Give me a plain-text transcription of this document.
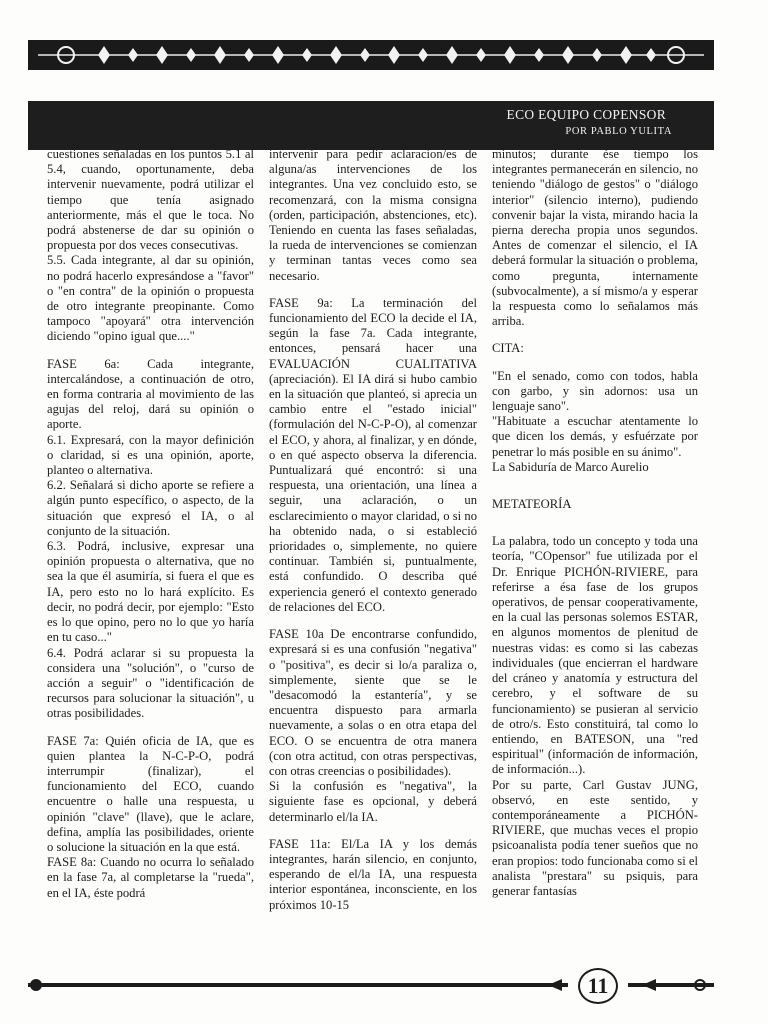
ECO EQUIPO COPENSOR
POR PABLO YULITA

cuestiones señaladas en los puntos 5.1 al 5.4, cuando, oportunamente, deba intervenir nuevamente, podrá utilizar el tiempo que tenía asignado anteriormente, más el que le toca. No podrá abstenerse de dar su opinión o propuesta por dos veces consecutivas.

5.5. Cada integrante, al dar su opinión, no podrá hacerlo expresándose a "favor" o "en contra" de la opinión o propuesta de otro integrante preopinante. Como tampoco "apoyará" otra intervención diciendo "opino igual que...."

FASE 6a: Cada integrante, intercalándose, a continuación de otro, en forma contraria al movimiento de las agujas del reloj, dará su opinión o aporte.

6.1. Expresará, con la mayor definición o claridad, si es una opinión, aporte, planteo o alternativa.

6.2. Señalará si dicho aporte se refiere a algún punto específico, o aspecto, de la situación que expresó el IA, o al conjunto de la situación.

6.3. Podrá, inclusive, expresar una opinión propuesta o alternativa, que no sea la que él asumiría, si fuera el que es IA, pero esto no lo hará explícito. Es decir, no podrá decir, por ejemplo: "Esto es lo que opino, pero no lo que yo haría en tu caso..."

6.4. Podrá aclarar si su propuesta la considera una "solución", o "curso de acción a seguir" o "identificación de recursos para solucionar la situación", u otras posibilidades.

FASE 7a: Quién oficia de IA, que es quien plantea la N-C-P-O, podrá interrumpir (finalizar), el funcionamiento del ECO, cuando encuentre o halle una respuesta, u opinión "clave" (llave), que le aclare, defina, amplía las posibilidades, oriente o solucione la situación en la que está.

FASE 8a: Cuando no ocurra lo señalado en la fase 7a, al completarse la "rueda", en el IA, éste podrá

intervenir para pedir aclaracion/es de alguna/as intervenciones de los integrantes. Una vez concluido esto, se recomenzará, con la misma consigna (orden, participación, abstenciones, etc). Teniendo en cuenta las fases señaladas, la rueda de intervenciones se comienzan y terminan tantas veces como sea necesario.

FASE 9a: La terminación del funcionamiento del ECO la decide el IA, según la fase 7a. Cada integrante, entonces, pensará hacer una EVALUACIÓN CUALITATIVA (apreciación). El IA dirá si hubo cambio en la situación que planteó, si aprecia un cambio entre el "estado inicial" (formulación del N-C-P-O), al comenzar el ECO, y ahora, al finalizar, y en dónde, o en qué aspecto observa la diferencia. Puntualizará qué encontró: si una respuesta, una orientación, una línea a seguir, una aclaración, o un esclarecimiento o mayor claridad, o si no ha obtenido nada, o si estableció prioridades o, simplemente, no quiere continuar. También si, puntualmente, está confundido. O describa qué experiencia generó el contexto generado de relaciones del ECO.

FASE 10a De encontrarse confundido, expresará si es una confusión "negativa" o "positiva", es decir si lo/a paraliza o, simplemente, siente que se le "desacomodó la estantería", y se encuentra dispuesto para armarla nuevamente, a solas o en otra etapa del ECO. O se encuentra de otra manera (con otra actitud, con otras perspectivas, con otras creencias o posibilidades).

Si la confusión es "negativa", la siguiente fase es opcional, y deberá determinarlo el/la IA.

FASE 11a: El/La IA y los demás integrantes, harán silencio, en conjunto, esperando de el/la IA, una respuesta interior espontánea, inconsciente, en los próximos 10-15

minutos; durante ése tiempo los integrantes permanecerán en silencio, no teniendo "diálogo de gestos" o "diálogo interior" (silencio interno), pudiendo convenir bajar la vista, mirando hacia la pierna derecha propia unos segundos. Antes de comenzar el silencio, el IA deberá formular la situación o problema, como pregunta, internamente (subvocalmente), a sí mismo/a y esperar la respuesta como lo señalamos más arriba.

CITA:

"En el senado, como con todos, habla con garbo, y sin adornos: usa un lenguaje sano".

"Habituate a escuchar atentamente lo que dicen los demás, y esfuérzate por penetrar lo más posible en su ánimo".

La Sabiduría de Marco Aurelio

METATEORÍA

La palabra, todo un concepto y toda una teoría, "COpensor" fue utilizada por el Dr. Enrique PICHÓN-RIVIERE, para referirse a ésa fase de los grupos operativos, de pensar cooperativamente, en la cual las personas solemos ESTAR, en algunos momentos de plenitud de nuestras vidas: es como si las cabezas individuales (que encierran el hardware del cráneo y anatomía y estructura del cerebro, y el software de su funcionamiento) se pusieran al servicio de otro/s. Esto constituirá, tal como lo entiendo, en BATESON, una "red espiritual" (información de información, de información...).

Por su parte, Carl Gustav JUNG, observó, en este sentido, y contemporáneamente a PICHÓN-RIVIERE, que muchas veces el propio psicoanalista podía tener sueños que no eran propios: todo funcionaba como si el analista "prestara" su psiquis, para generar fantasías

11
